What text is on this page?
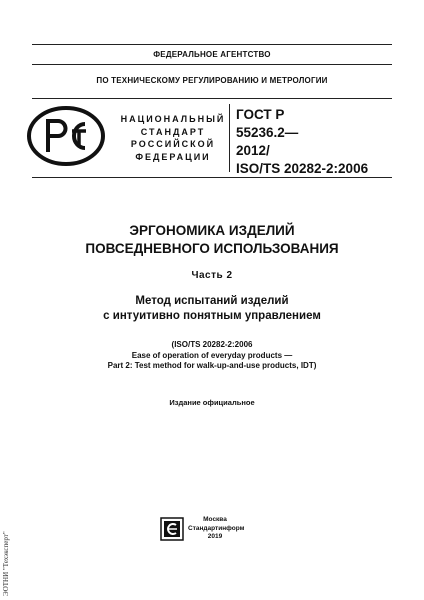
ФЕДЕРАЛЬНОЕ АГЕНТСТВО
ПО ТЕХНИЧЕСКОМУ РЕГУЛИРОВАНИЮ И МЕТРОЛОГИИ
НАЦИОНАЛЬНЫЙ
СТАНДАРТ
РОССИЙСКОЙ
ФЕДЕРАЦИИ
ГОСТ Р
55236.2—
2012/
ISO/TS 20282-2:2006
ЭРГОНОМИКА ИЗДЕЛИЙ
ПОВСЕДНЕВНОГО ИСПОЛЬЗОВАНИЯ
Часть 2
Метод испытаний изделий
с интуитивно понятным управлением
(ISO/TS 20282-2:2006
Ease of operation of everyday products —
Part 2: Test method for walk-up-and-use products, IDT)
Издание официальное
Москва
Стандартинформ
2019
ЭОТНИ "Техэксперт"
